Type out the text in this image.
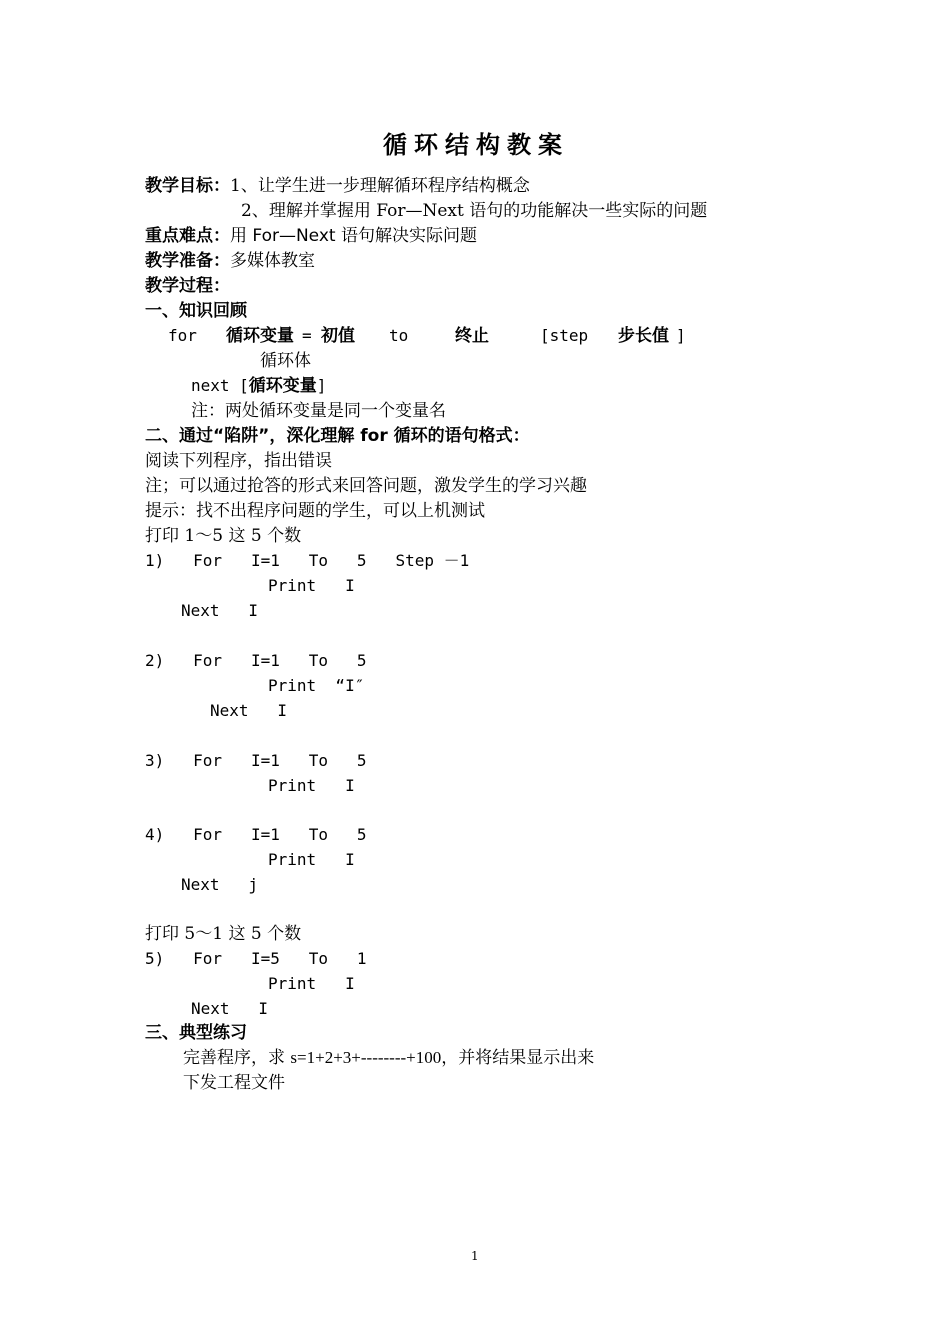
循环结构教案
教学目标：1、让学生进一步理解循环程序结构概念
2、理解并掌握用 For—Next 语句的功能解决一些实际的问题
重点难点：用 For—Next 语句解决实际问题
教学准备：多媒体教室
教学过程：
一、知识回顾
for 循环变量 = 初值 to	终止	[step 步长值 ]
循环体
next [循环变量]
注：两处循环变量是同一个变量名
二、通过“陷阱”，深化理解 for 循环的语句格式：
阅读下列程序，指出错误
注；可以通过抢答的形式来回答问题，激发学生的学习兴趣
提示：找不出程序问题的学生，可以上机测试
打印 1～5 这 5 个数
1)   For   I=1   To   5   Step －1
Print   I
Next   I
2)   For   I=1   To   5
Print  “I″
Next   I
3)   For   I=1   To   5
Print   I
4)   For   I=1   To   5
Print   I
Next   j
打印 5～1 这 5 个数
5)   For   I=5   To   1
Print   I
Next   I
三、典型练习
完善程序，求 s=1+2+3+--------+100，并将结果显示出来
下发工程文件
1
